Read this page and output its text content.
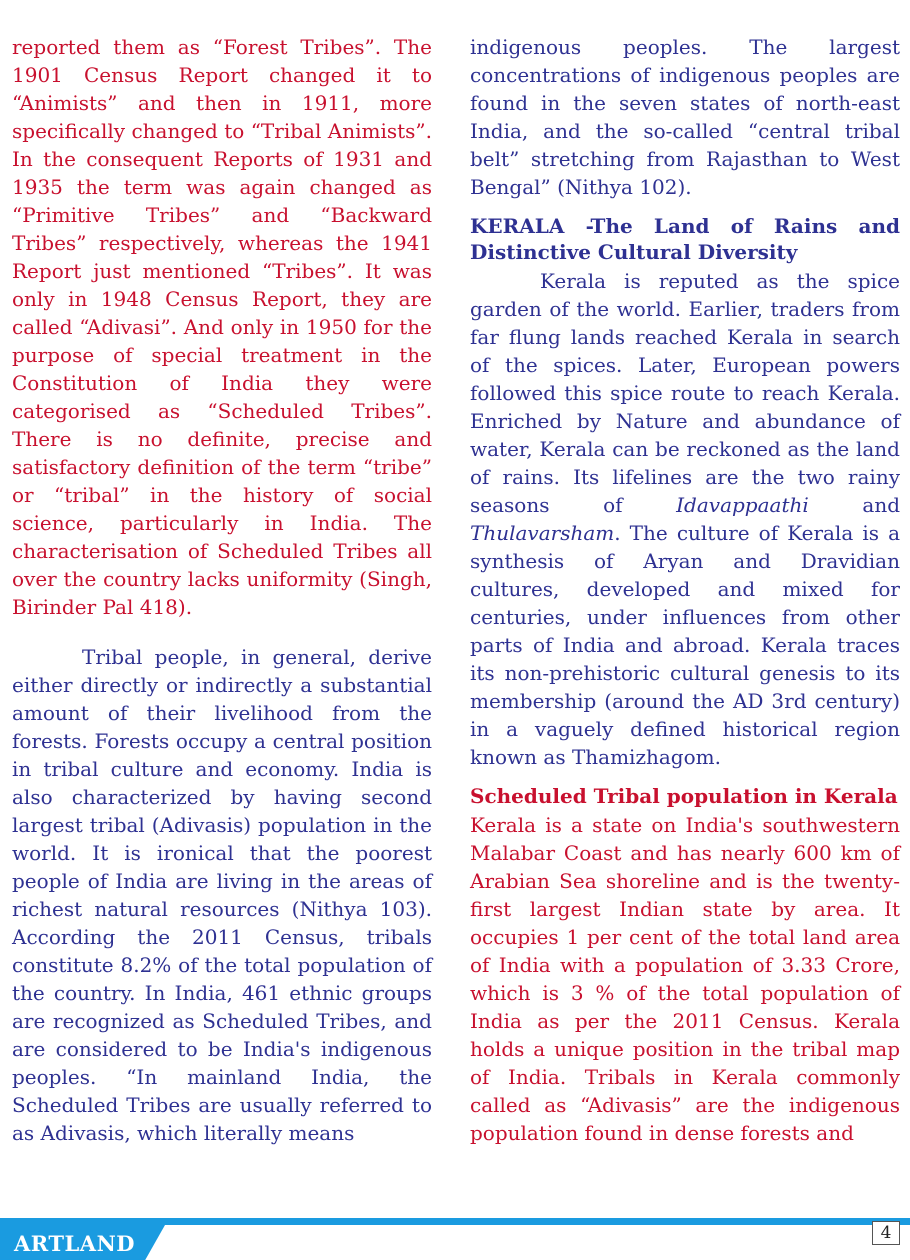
reported them as “Forest Tribes”. The 1901 Census Report changed it to “Animists” and then in 1911, more specifically changed to “Tribal Animists”. In the consequent Reports of 1931 and 1935 the term was again changed as “Primitive Tribes” and “Backward Tribes” respectively, whereas the 1941 Report just mentioned “Tribes”. It was only in 1948 Census Report, they are called “Adivasi”. And only in 1950 for the purpose of special treatment in the Constitution of India they were categorised as “Scheduled Tribes”. There is no definite, precise and satisfactory definition of the term “tribe” or “tribal” in the history of social science, particularly in India. The characterisation of Scheduled Tribes all over the country lacks uniformity (Singh, Birinder Pal 418).

Tribal people, in general, derive either directly or indirectly a substantial amount of their livelihood from the forests. Forests occupy a central position in tribal culture and economy. India is also characterized by having second largest tribal (Adivasis) population in the world. It is ironical that the poorest people of India are living in the areas of richest natural resources (Nithya 103). According the 2011 Census, tribals constitute 8.2% of the total population of the country. In India, 461 ethnic groups are recognized as Scheduled Tribes, and are considered to be India's indigenous peoples. “In mainland India, the Scheduled Tribes are usually referred to as Adivasis, which literally means

indigenous peoples. The largest concentrations of indigenous peoples are found in the seven states of north-east India, and the so-called “central tribal belt” stretching from Rajasthan to West Bengal” (Nithya 102).

KERALA -The Land of Rains and Distinctive Cultural Diversity

Kerala is reputed as the spice garden of the world. Earlier, traders from far flung lands reached Kerala in search of the spices. Later, European powers followed this spice route to reach Kerala. Enriched by Nature and abundance of water, Kerala can be reckoned as the land of rains. Its lifelines are the two rainy seasons of Idavappaathi and Thulavarsham. The culture of Kerala is a synthesis of Aryan and Dravidian cultures, developed and mixed for centuries, under influences from other parts of India and abroad. Kerala traces its non-prehistoric cultural genesis to its membership (around the AD 3rd century) in a vaguely defined historical region known as Thamizhagom.

Scheduled Tribal population in Kerala

Kerala is a state on India's southwestern Malabar Coast and has nearly 600 km of Arabian Sea shoreline and is the twenty-first largest Indian state by area. It occupies 1 per cent of the total land area of India with a population of 3.33 Crore, which is 3 % of the total population of India as per the 2011 Census. Kerala holds a unique position in the tribal map of India. Tribals in Kerala commonly called as “Adivasis” are the indigenous population found in dense forests and

ARTLAND	4
